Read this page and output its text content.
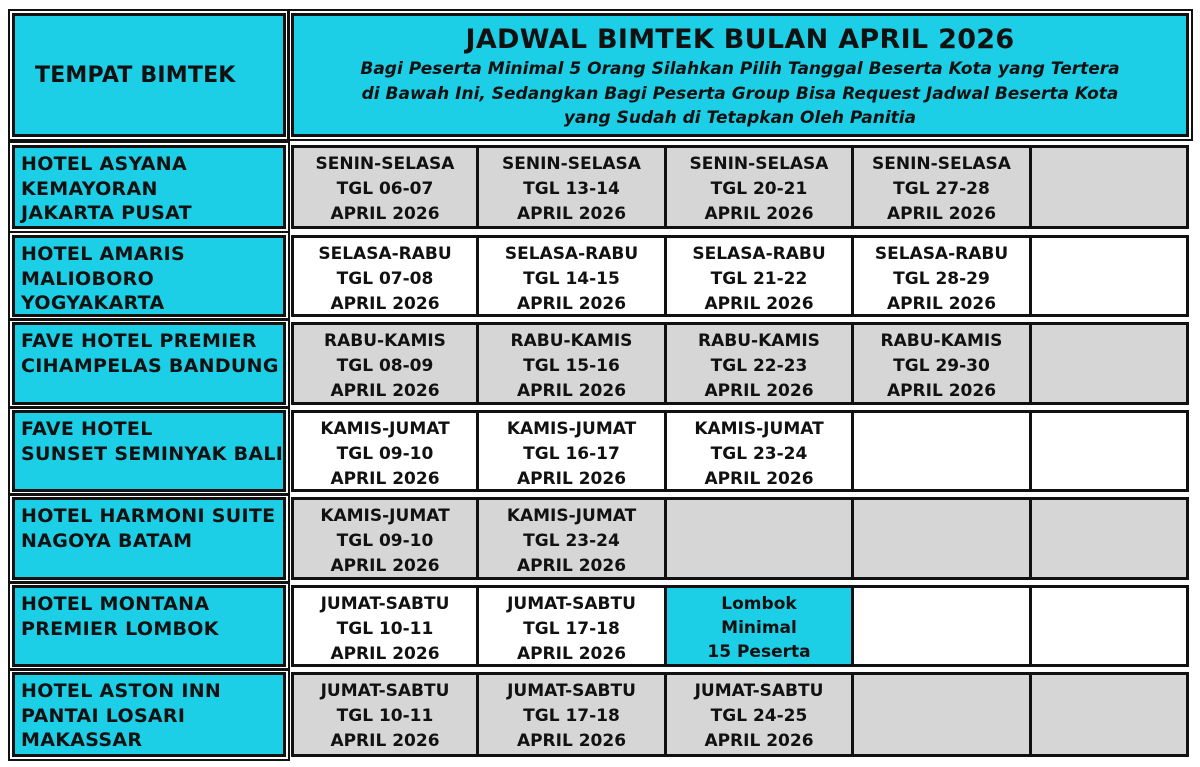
TEMPAT BIMTEK
JADWAL BIMTEK BULAN APRIL 2026
Bagi Peserta Minimal 5 Orang Silahkan Pilih Tanggal Beserta Kota yang Tertera
di Bawah Ini, Sedangkan Bagi Peserta Group Bisa Request Jadwal Beserta Kota
yang Sudah di Tetapkan Oleh Panitia
HOTEL ASYANA
KEMAYORAN
JAKARTA PUSAT
SENIN-SELASA
TGL 06-07
APRIL 2026
SENIN-SELASA
TGL 13-14
APRIL 2026
SENIN-SELASA
TGL 20-21
APRIL 2026
SENIN-SELASA
TGL 27-28
APRIL 2026
HOTEL AMARIS
MALIOBORO
YOGYAKARTA
SELASA-RABU
TGL 07-08
APRIL 2026
SELASA-RABU
TGL 14-15
APRIL 2026
SELASA-RABU
TGL 21-22
APRIL 2026
SELASA-RABU
TGL 28-29
APRIL 2026
FAVE HOTEL PREMIER
CIHAMPELAS BANDUNG
RABU-KAMIS
TGL 08-09
APRIL 2026
RABU-KAMIS
TGL 15-16
APRIL 2026
RABU-KAMIS
TGL 22-23
APRIL 2026
RABU-KAMIS
TGL 29-30
APRIL 2026
FAVE HOTEL
SUNSET SEMINYAK BALI
KAMIS-JUMAT
TGL 09-10
APRIL 2026
KAMIS-JUMAT
TGL 16-17
APRIL 2026
KAMIS-JUMAT
TGL 23-24
APRIL 2026
HOTEL HARMONI SUITE
NAGOYA BATAM
KAMIS-JUMAT
TGL 09-10
APRIL 2026
KAMIS-JUMAT
TGL 23-24
APRIL 2026
HOTEL MONTANA
PREMIER LOMBOK
JUMAT-SABTU
TGL 10-11
APRIL 2026
JUMAT-SABTU
TGL 17-18
APRIL 2026
Lombok
Minimal
15 Peserta
HOTEL ASTON INN
PANTAI LOSARI
MAKASSAR
JUMAT-SABTU
TGL 10-11
APRIL 2026
JUMAT-SABTU
TGL 17-18
APRIL 2026
JUMAT-SABTU
TGL 24-25
APRIL 2026
